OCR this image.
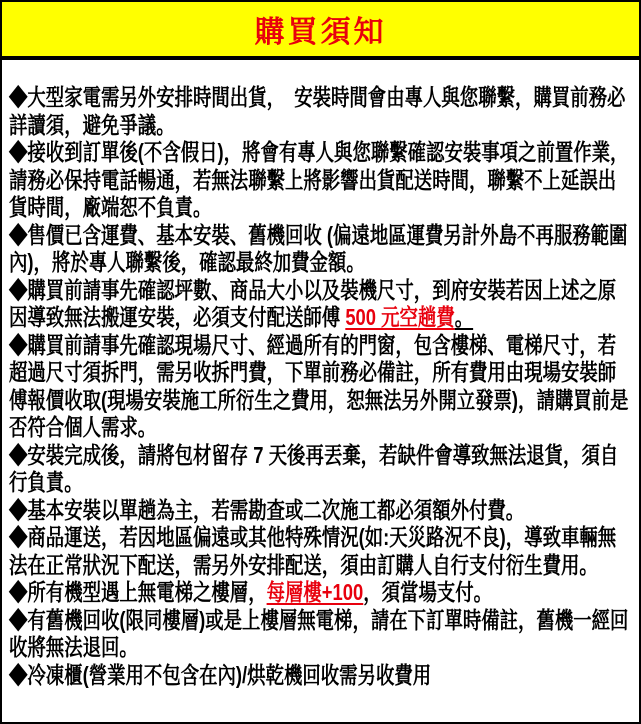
購買須知

◆大型家電需另外安排時間出貨，　安裝時間會由專人與您聯繫，購買前務必詳讀須，避免爭議。

◆接收到訂單後(不含假日)，將會有專人與您聯繫確認安裝事項之前置作業，請務必保持電話暢通，若無法聯繫上將影響出貨配送時間，聯繫不上延誤出貨時間，廠端恕不負責。

◆售價已含運費、基本安裝、舊機回收 (偏遠地區運費另計外島不再服務範圍內)，將於專人聯繫後，確認最終加費金額。

◆購買前請事先確認坪數、商品大小以及裝機尺寸，到府安裝若因上述之原因導致無法搬運安裝，必須支付配送師傅 500 元空趟費。

◆購買前請事先確認現場尺寸、經過所有的門窗，包含樓梯、電梯尺寸，若超過尺寸須拆門，需另收拆門費，下單前務必備註，所有費用由現場安裝師傅報價收取(現場安裝施工所衍生之費用，恕無法另外開立發票)，請購買前是否符合個人需求。

◆安裝完成後，請將包材留存 7 天後再丟棄，若缺件會導致無法退貨，須自行負責。

◆基本安裝以單趟為主，若需勘查或二次施工都必須額外付費。

◆商品運送，若因地區偏遠或其他特殊情況(如:天災路況不良)，導致車輛無法在正常狀況下配送，需另外安排配送，須由訂購人自行支付衍生費用。

◆所有機型遇上無電梯之樓層，每層樓+100，須當場支付。

◆有舊機回收(限同樓層)或是上樓層無電梯，請在下訂單時備註，舊機一經回收將無法退回。

◆冷凍櫃(營業用不包含在內)/烘乾機回收需另收費用
